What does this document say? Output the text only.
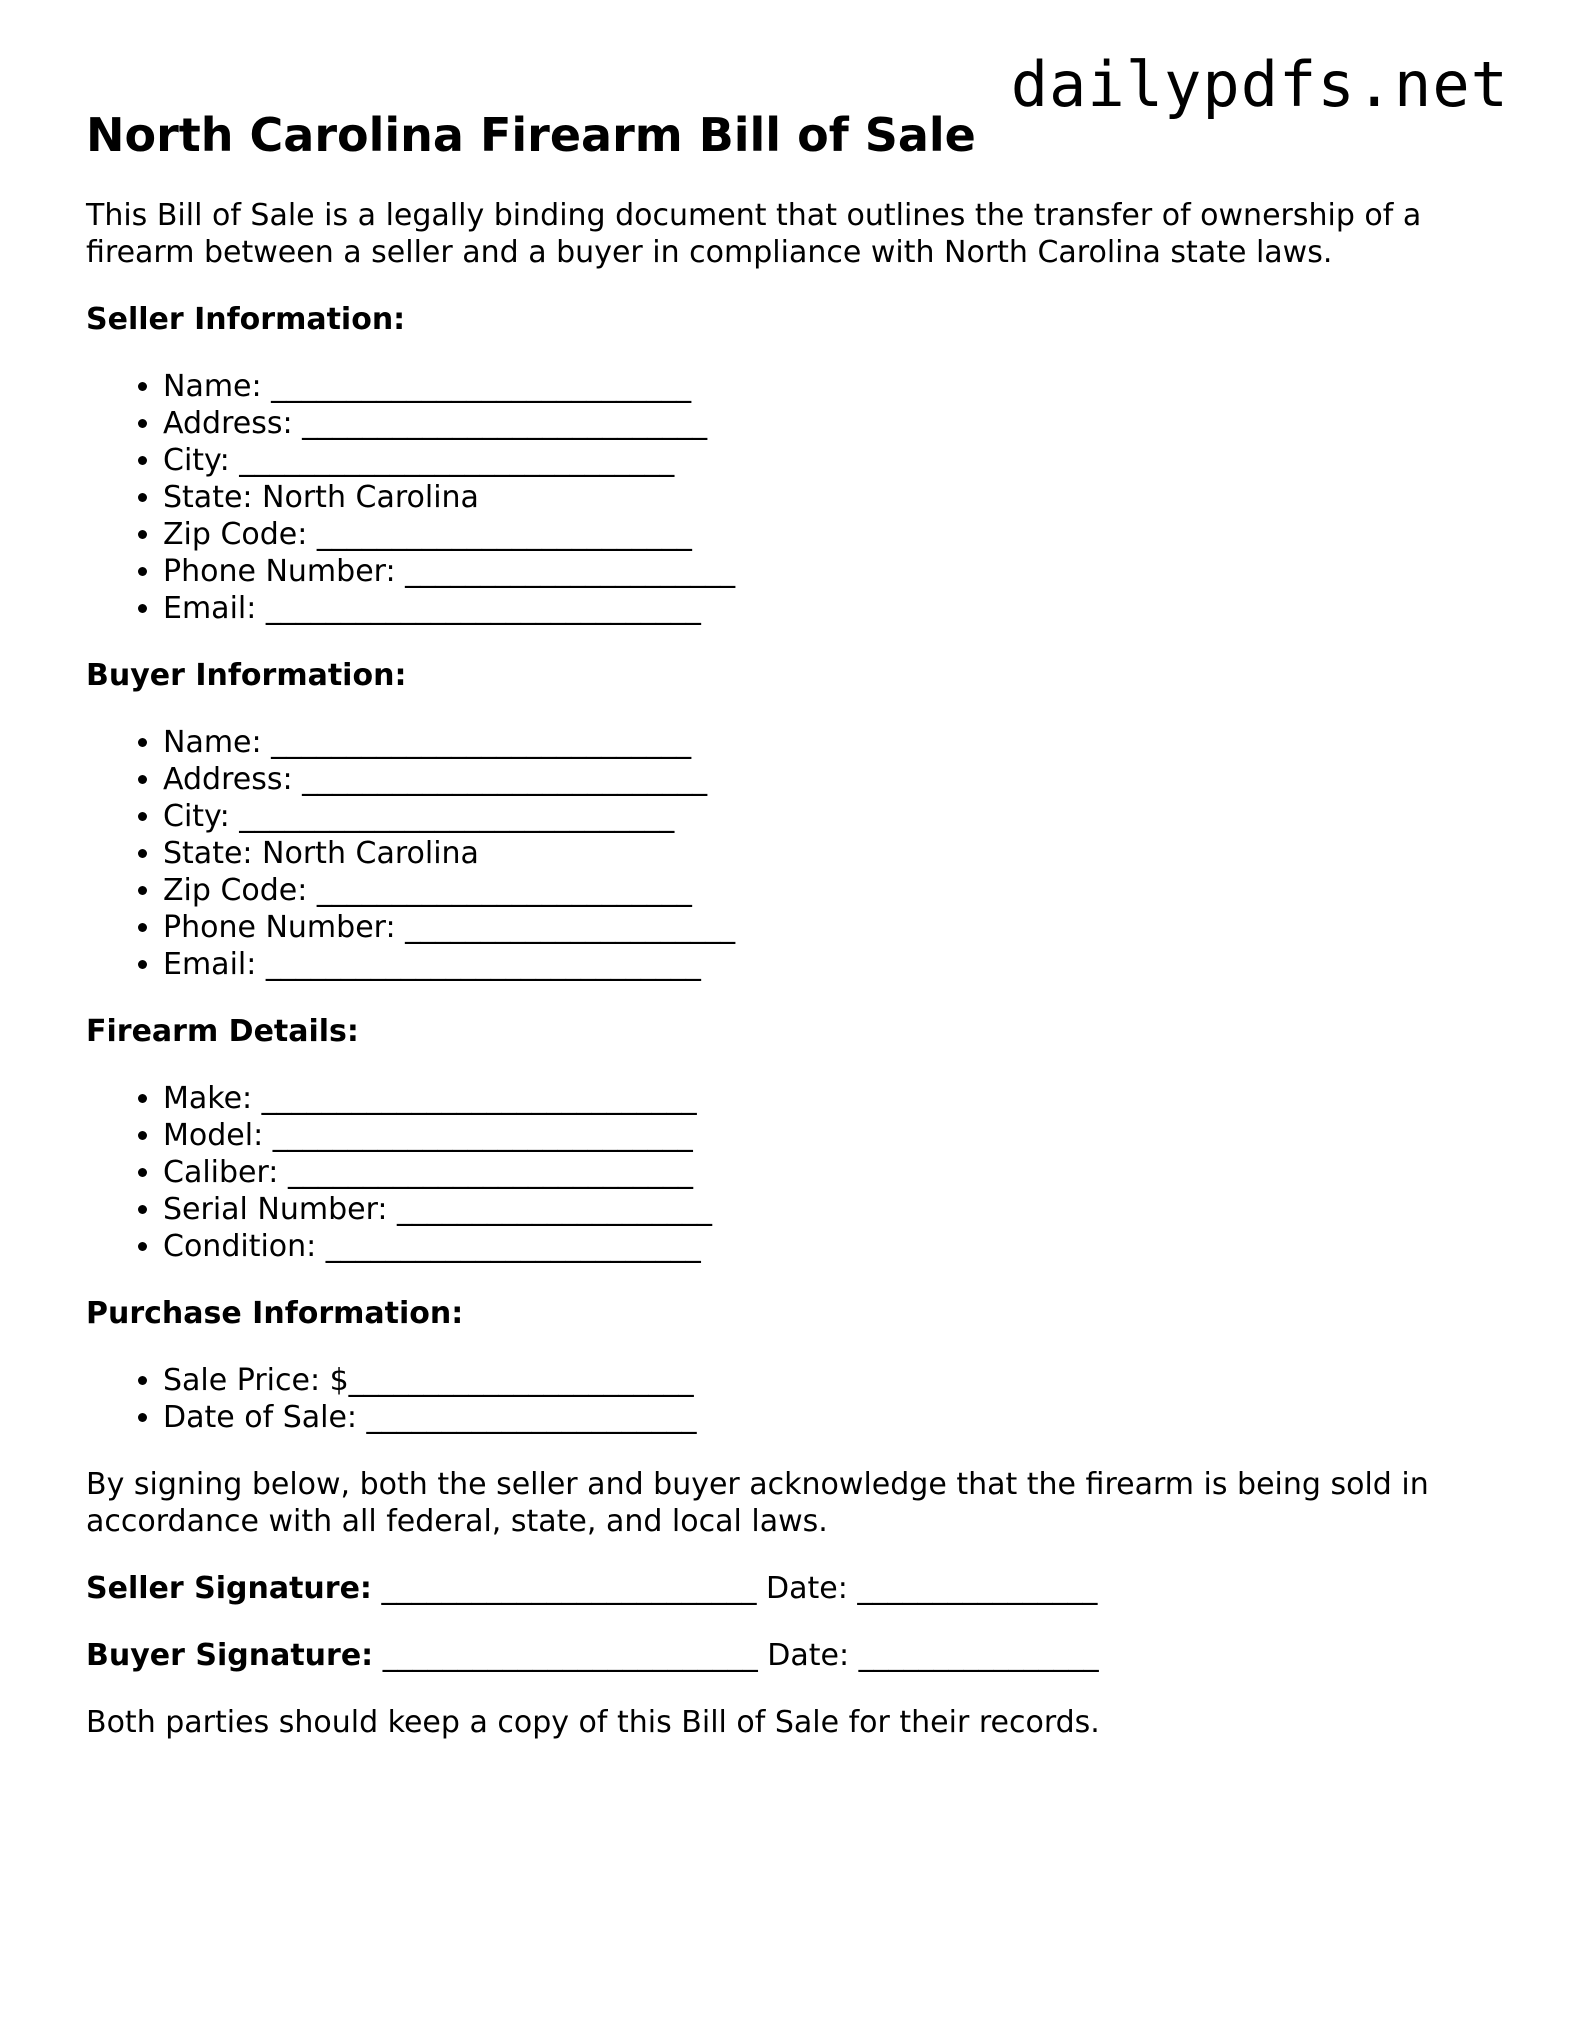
dailypdfs.net
North Carolina Firearm Bill of Sale

This Bill of Sale is a legally binding document that outlines the transfer of ownership of a firearm between a seller and a buyer in compliance with North Carolina state laws.

Seller Information:
• Name: ____________________________
• Address: ___________________________
• City: _____________________________
• State: North Carolina
• Zip Code: _________________________
• Phone Number: ______________________
• Email: _____________________________
Buyer Information:
• Name: ____________________________
• Address: ___________________________
• City: _____________________________
• State: North Carolina
• Zip Code: _________________________
• Phone Number: ______________________
• Email: _____________________________
Firearm Details:
• Make: _____________________________
• Model: ____________________________
• Caliber: ___________________________
• Serial Number: _____________________
• Condition: _________________________
Purchase Information:
• Sale Price: $_______________________
• Date of Sale: ______________________

By signing below, both the seller and buyer acknowledge that the firearm is being sold in accordance with all federal, state, and local laws.

Seller Signature: _________________________ Date: ________________
Buyer Signature: _________________________ Date: ________________

Both parties should keep a copy of this Bill of Sale for their records.
